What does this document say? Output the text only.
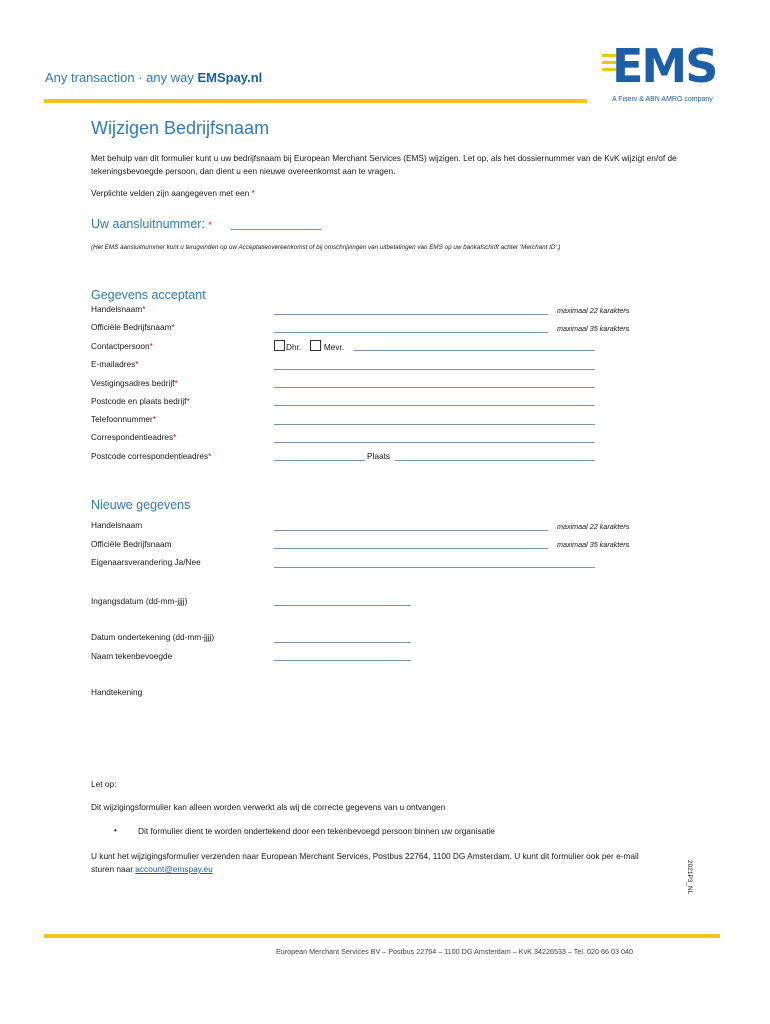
Any transaction · any way EMSpay.nl	EMS
A Fiserv & ABN AMRO company
Wijzigen Bedrijfsnaam
Met behulp van dit formulier kunt u uw bedrijfsnaam bij European Merchant Services (EMS) wijzigen. Let op, als het dossiernummer van de KvK wijzigt en/of de tekeningsbevoegde persoon, dan dient u een nieuwe overeenkomst aan te vragen.
Verplichte velden zijn aangegeven met een *
Uw aansluitnummer: *
(Het EMS aansluitnummer kunt u terugvinden op uw Acceptatieovereenkomst of bij omschrijvingen van uitbetalingen van EMS op uw bankafschrift achter 'Merchant ID'.)
Gegevens acceptant
Handelsnaam*	maximaal 22 karakters
Officiële Bedrijfsnaam*	maximaal 35 karakters
Contactpersoon*	Dhr.	Mevr.
E-mailadres*
Vestigingsadres bedrijf*
Postcode en plaats bedrijf*
Telefoonnummer*
Correspondentieadres*
Postcode correspondentieadres*	Plaats
Nieuwe gegevens
Handelsnaam	maximaal 22 karakters
Officiële Bedrijfsnaam	maximaal 35 karakters
Eigenaarsverandering Ja/Nee
Ingangsdatum (dd-mm-jjjj)
Datum ondertekening (dd-mm-jjjj)
Naam tekenbevoegde
Handtekening
Let op:
Dit wijzigingsformulier kan alleen worden verwerkt als wij de correcte gegevens van u ontvangen
•	Dit formulier dient te worden ondertekend door een tekenbevoegd persoon binnen uw organisatie
U kunt het wijzigingsformulier verzenden naar European Merchant Services, Postbus 22764, 1100 DG Amsterdam. U kunt dit formulier ook per e-mail sturen naar account@emspay.eu	2021P3_NL
European Merchant Services BV – Postbus 22764 – 1100 DG Amsterdam – KvK 34226533 – Tel. 020 66 03 040
